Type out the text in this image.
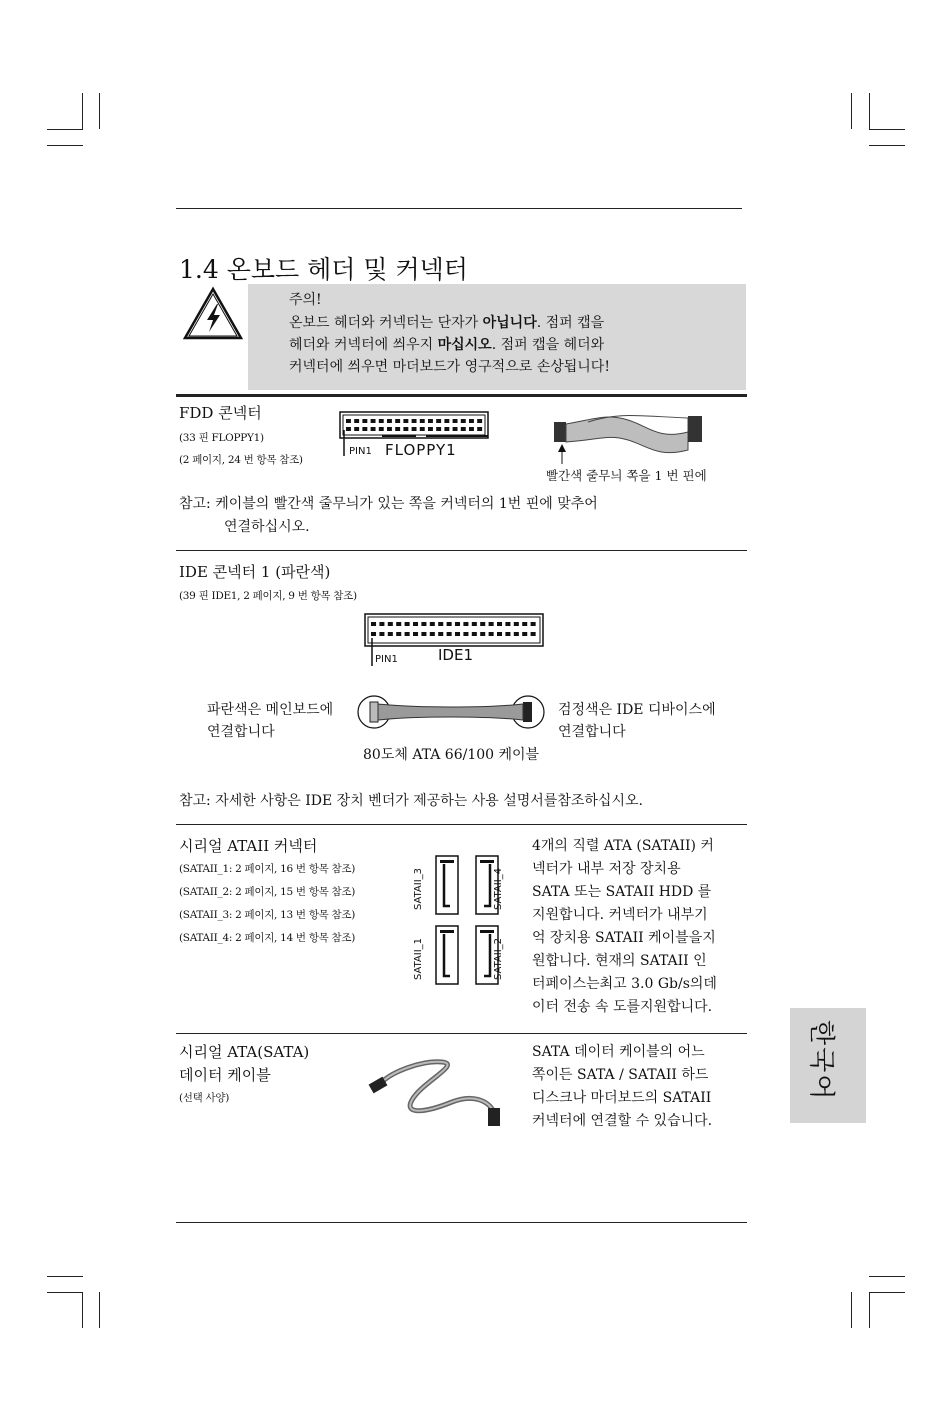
1.4 온보드 헤더 및 커넥터
주의!
온보드 헤더와 커넥터는 단자가 아닙니다. 점퍼 캡을
헤더와 커넥터에 씌우지 마십시오. 점퍼 캡을 헤더와
커넥터에 씌우면 마더보드가 영구적으로 손상됩니다!
FDD 콘넥터
(33 핀 FLOPPY1)
(2 페이지, 24 번 항목 참조)
PIN1 FLOPPY1
빨간색 줄무늬 쪽을 1 번 핀에
참고: 케이블의 빨간색 줄무늬가 있는 쪽을 커넥터의 1번 핀에 맞추어
연결하십시오.
IDE 콘넥터 1 (파란색)
(39 핀 IDE1, 2 페이지, 9 번 항목 참조)
PIN1	IDE1
파란색은 메인보드에
연결합니다
검정색은 IDE 디바이스에
연결합니다
80도체 ATA 66/100 케이블
참고: 자세한 사항은 IDE 장치 벤더가 제공하는 사용 설명서를참조하십시오.
시리얼 ATAII 커넥터
(SATAII_1: 2 페이지, 16 번 항목 참조)
(SATAII_2: 2 페이지, 15 번 항목 참조)
(SATAII_3: 2 페이지, 13 번 항목 참조)
(SATAII_4: 2 페이지, 14 번 항목 참조)
SATAII_3	SATAII_4
SATAII_1	SATAII_2
4개의 직렬 ATA (SATAII) 커
넥터가 내부 저장 장치용
SATA 또는 SATAII HDD 를
지원합니다. 커넥터가 내부기
억 장치용 SATAII 케이블을지
원합니다. 현재의 SATAII 인
터페이스는최고 3.0 Gb/s의데
이터 전송 속 도를지원합니다.
시리얼 ATA(SATA)
데이터 케이블
(선택 사양)
SATA 데이터 케이블의 어느
쪽이든 SATA / SATAII 하드
디스크나 마더보드의 SATAII
커넥터에 연결할 수 있습니다.
한국어
